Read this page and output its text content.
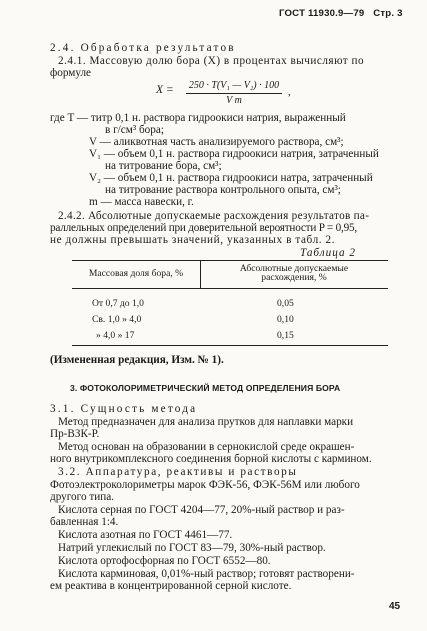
ГОСТ 11930.9—79 Стр. 3
2.4. Обработка результатов
2.4.1. Массовую долю бора (X) в процентах вычисляют по
формуле
X =	250 · T(V₁ — V₂) · 100
V m
,
где T — титр 0,1 н. раствора гидроокиси натрия, выраженный
в г/см³ бора;
V — аликвотная часть анализируемого раствора, см³;
V₁ — объем 0,1 н. раствора гидроокиси натрия, затраченный
на титрование бора, см³;
V₂ — объем 0,1 н. раствора гидроокиси натра, затраченный
на титрование раствора контрольного опыта, см³;
m — масса навески, г.
2.4.2. Абсолютные допускаемые расхождения результатов па-
раллельных определений при доверительной вероятности P = 0,95,
не должны превышать значений, указанных в табл. 2.
Таблица 2
Массовая доля бора, %	Абсолютные допускаемые
расхождения, %
От 0,7 до 1,0	0,05
Св. 1,0 » 4,0	0,10
» 4,0 » 17	0,15
(Измененная редакция, Изм. № 1).
3. ФОТОКОЛОРИМЕТРИЧЕСКИЙ МЕТОД ОПРЕДЕЛЕНИЯ БОРА
3.1. Сущность метода
Метод предназначен для анализа прутков для наплавки марки
Пр-ВЗК-Р.
Метод основан на образовании в сернокислой среде окрашен-
ного внутрикомплексного соединения борной кислоты с кармином.
3.2. Аппаратура, реактивы и растворы
Фотоэлектроколориметры марок ФЭК-56, ФЭК-56М или любого
другого типа.
Кислота серная по ГОСТ 4204—77, 20%-ный раствор и раз-
бавленная 1:4.
Кислота азотная по ГОСТ 4461—77.
Натрий углекислый по ГОСТ 83—79, 30%-ный раствор.
Кислота ортофосфорная по ГОСТ 6552—80.
Кислота карминовая, 0,01%-ный раствор; готовят растворени-
ем реактива в концентрированной серной кислоте.
45
